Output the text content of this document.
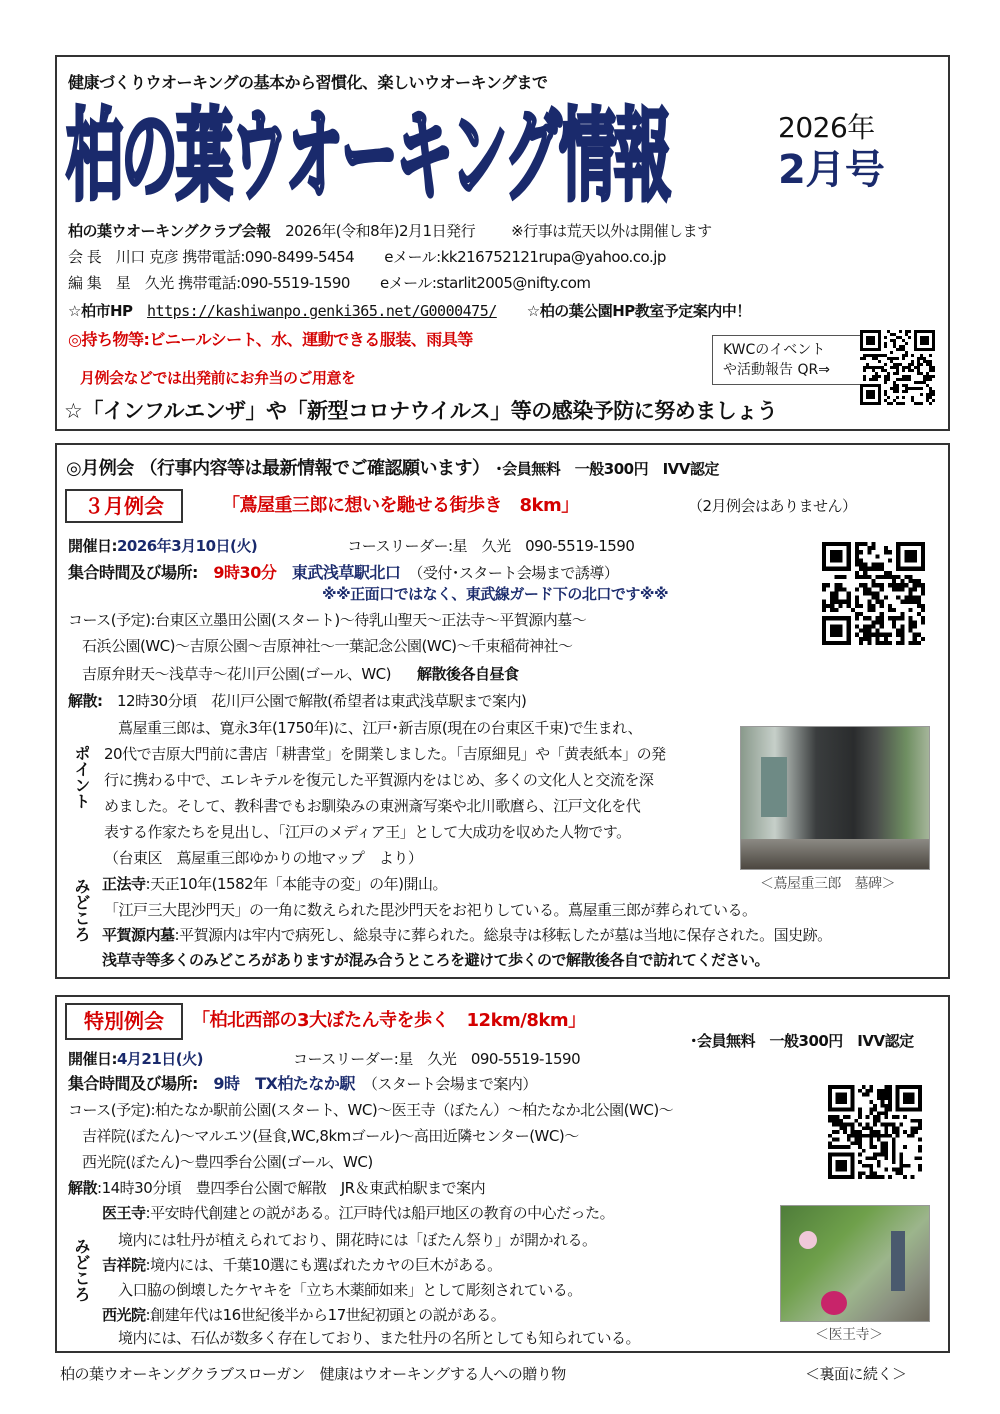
健康づくりウオーキングの基本から習慣化、楽しいウオーキングまで
柏の葉ウオーキング情報	2026年
2月号
柏の葉ウオーキングクラブ会報　 2026年(令和8年)2月1日発行 ※行事は荒天以外は開催します
会 長　 川口 克彦 携帯電話:090-8499-5454 eメール:kk216752121rupa@yahoo.co.jp
編 集　 星　久光 携帯電話:090-5519-1590 eメール:starlit2005@nifty.com
☆柏市HP　 https://kashiwanpo.genki365.net/G0000475/ ☆柏の葉公園HP教室予定案内中！
◎持ち物等:ビニールシート、水、運動できる服装、雨具等
月例会などでは出発前にお弁当のご用意を
KWCのイベント
や活動報告 QR⇒
☆「インフルエンザ」や「新型コロナウイルス」等の感染予防に努めましょう
◎月例会 （行事内容等は最新情報でご確認願います） ･会員無料　一般300円　IVV認定
３月例会	「蔦屋重三郎に想いを馳せる街歩き　8km」	（2月例会はありません）
開催日:2026年3月10日(火)	コースリーダー:星　久光　090-5519-1590
集合時間及び場所:　 9時30分　 東武浅草駅北口　 （受付･スタート会場まで誘導）
※※正面口ではなく、東武線ガード下の北口です※※
コース(予定):台東区立墨田公園(スタート)～待乳山聖天～正法寺～平賀源内墓～
石浜公園(WC)～吉原公園～吉原神社～一葉記念公園(WC)～千束稲荷神社～
吉原弁財天～浅草寺～花川戸公園(ゴール、WC) 解散後各自昼食
解散:　 12時30分頃　花川戸公園で解散(希望者は東武浅草駅まで案内)
ポイント
蔦屋重三郎は、寛永3年(1750年)に、江戸･新吉原(現在の台東区千束)で生まれ、
20代で吉原大門前に書店「耕書堂」を開業しました。「吉原細見」や「黄表紙本」の発
行に携わる中で、エレキテルを復元した平賀源内をはじめ、多くの文化人と交流を深
めました。そして、教科書でもお馴染みの東洲斎写楽や北川歌麿ら、江戸文化を代
表する作家たちを見出し、「江戸のメディア王」として大成功を収めた人物です。
（台東区　蔦屋重三郎ゆかりの地マップ　より）
＜蔦屋重三郎　墓碑＞
みどころ 正法寺:天正10年(1582年「本能寺の変」の年)開山。
「江戸三大毘沙門天」の一角に数えられた毘沙門天をお祀りしている。蔦屋重三郎が葬られている。
平賀源内墓:平賀源内は牢内で病死し、総泉寺に葬られた。総泉寺は移転したが墓は当地に保存された。国史跡。
浅草寺等多くのみどころがありますが混み合うところを避けて歩くので解散後各自で訪れてください。
特別例会	「柏北西部の3大ぼたん寺を歩く　12km/8km」
･会員無料　一般300円　IVV認定
開催日:4月21日(火)	コースリーダー:星　久光　090-5519-1590
集合時間及び場所:　 9時　 TX柏たなか駅　 （スタート会場まで案内）
コース(予定):柏たなか駅前公園(スタート、WC)～医王寺（ぼたん）～柏たなか北公園(WC)～
吉祥院(ぼたん)～マルエツ(昼食,WC,8kmゴール)～高田近隣センター(WC)～
西光院(ぼたん)～豊四季台公園(ゴール、WC)
解散:14時30分頃　豊四季台公園で解散　JR＆東武柏駅まで案内
みどころ
医王寺:平安時代創建との説がある。江戸時代は船戸地区の教育の中心だった。
境内には牡丹が植えられており、開花時には「ぼたん祭り」が開かれる。
吉祥院:境内には、千葉10選にも選ばれたカヤの巨木がある。
入口脇の倒壊したケヤキを「立ち木薬師如来」として彫刻されている。
西光院:創建年代は16世紀後半から17世紀初頭との説がある。
境内には、石仏が数多く存在しており、また牡丹の名所としても知られている。	＜医王寺＞
柏の葉ウオーキングクラブスローガン　健康はウオーキングする人への贈り物	＜裏面に続く＞
